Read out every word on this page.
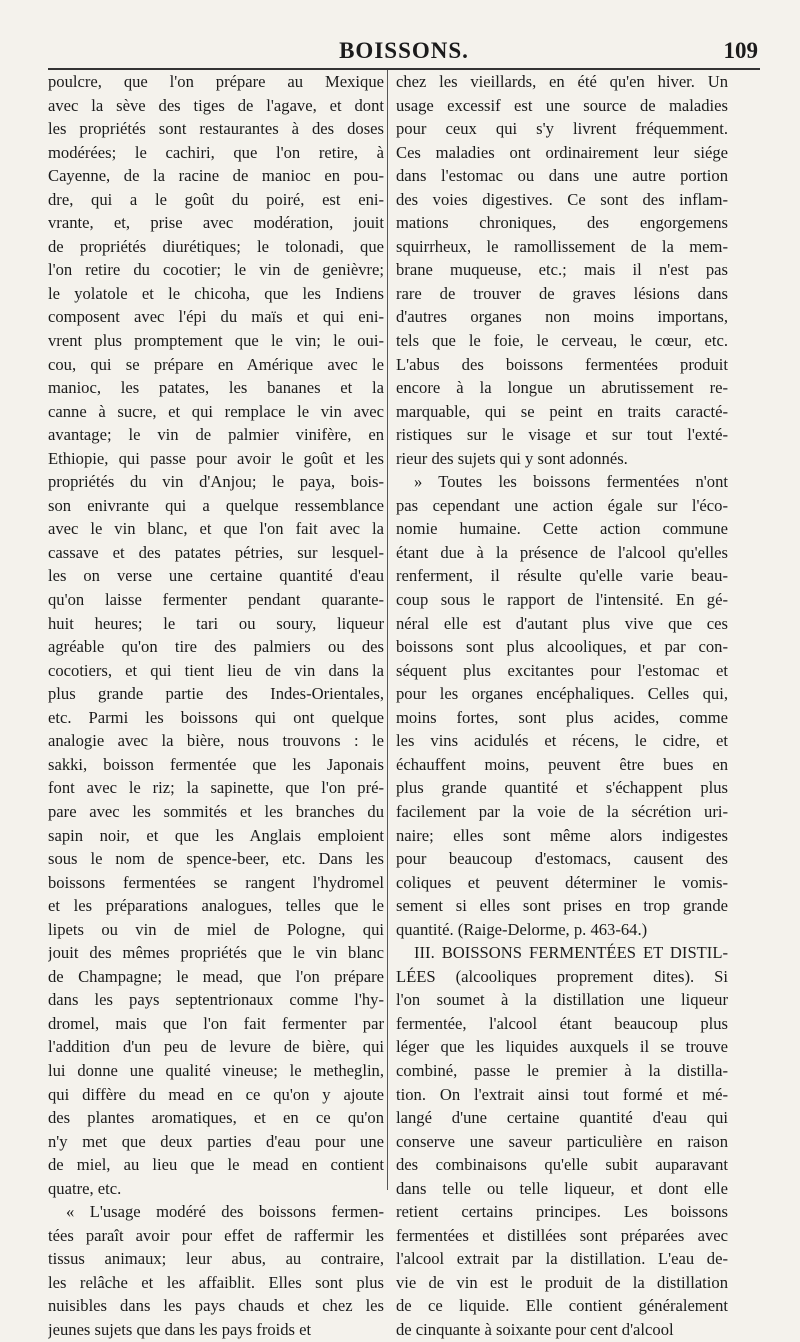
BOISSONS.	109
poulcre, que l'on prépare au Mexique
avec la sève des tiges de l'agave, et dont
les propriétés sont restaurantes à des doses
modérées; le cachiri, que l'on retire, à
Cayenne, de la racine de manioc en pou-
dre, qui a le goût du poiré, est eni-
vrante, et, prise avec modération, jouit
de propriétés diurétiques; le tolonadi, que
l'on retire du cocotier; le vin de genièvre;
le yolatole et le chicoha, que les Indiens
composent avec l'épi du maïs et qui eni-
vrent plus promptement que le vin; le oui-
cou, qui se prépare en Amérique avec le
manioc, les patates, les bananes et la
canne à sucre, et qui remplace le vin avec
avantage; le vin de palmier vinifère, en
Ethiopie, qui passe pour avoir le goût et les
propriétés du vin d'Anjou; le paya, bois-
son enivrante qui a quelque ressemblance
avec le vin blanc, et que l'on fait avec la
cassave et des patates pétries, sur lesquel-
les on verse une certaine quantité d'eau
qu'on laisse fermenter pendant quarante-
huit heures; le tari ou soury, liqueur
agréable qu'on tire des palmiers ou des
cocotiers, et qui tient lieu de vin dans la
plus grande partie des Indes-Orientales,
etc. Parmi les boissons qui ont quelque
analogie avec la bière, nous trouvons : le
sakki, boisson fermentée que les Japonais
font avec le riz; la sapinette, que l'on pré-
pare avec les sommités et les branches du
sapin noir, et que les Anglais emploient
sous le nom de spence-beer, etc. Dans les
boissons fermentées se rangent l'hydromel
et les préparations analogues, telles que le
lipets ou vin de miel de Pologne, qui
jouit des mêmes propriétés que le vin blanc
de Champagne; le mead, que l'on prépare
dans les pays septentrionaux comme l'hy-
dromel, mais que l'on fait fermenter par
l'addition d'un peu de levure de bière, qui
lui donne une qualité vineuse; le metheglin,
qui diffère du mead en ce qu'on y ajoute
des plantes aromatiques, et en ce qu'on
n'y met que deux parties d'eau pour une
de miel, au lieu que le mead en contient
quatre, etc.
« L'usage modéré des boissons fermen-
tées paraît avoir pour effet de raffermir les
tissus animaux; leur abus, au contraire,
les relâche et les affaiblit. Elles sont plus
nuisibles dans les pays chauds et chez les
jeunes sujets que dans les pays froids et
chez les vieillards, en été qu'en hiver. Un
usage excessif est une source de maladies
pour ceux qui s'y livrent fréquemment.
Ces maladies ont ordinairement leur siége
dans l'estomac ou dans une autre portion
des voies digestives. Ce sont des inflam-
mations chroniques, des engorgemens
squirrheux, le ramollissement de la mem-
brane muqueuse, etc.; mais il n'est pas
rare de trouver de graves lésions dans
d'autres organes non moins importans,
tels que le foie, le cerveau, le cœur, etc.
L'abus des boissons fermentées produit
encore à la longue un abrutissement re-
marquable, qui se peint en traits caracté-
ristiques sur le visage et sur tout l'exté-
rieur des sujets qui y sont adonnés.
» Toutes les boissons fermentées n'ont
pas cependant une action égale sur l'éco-
nomie humaine. Cette action commune
étant due à la présence de l'alcool qu'elles
renferment, il résulte qu'elle varie beau-
coup sous le rapport de l'intensité. En gé-
néral elle est d'autant plus vive que ces
boissons sont plus alcooliques, et par con-
séquent plus excitantes pour l'estomac et
pour les organes encéphaliques. Celles qui,
moins fortes, sont plus acides, comme
les vins acidulés et récens, le cidre, et
échauffent moins, peuvent être bues en
plus grande quantité et s'échappent plus
facilement par la voie de la sécrétion uri-
naire; elles sont même alors indigestes
pour beaucoup d'estomacs, causent des
coliques et peuvent déterminer le vomis-
sement si elles sont prises en trop grande
quantité. (Raige-Delorme, p. 463-64.)
III. BOISSONS FERMENTÉES ET DISTIL-
LÉES (alcooliques proprement dites). Si
l'on soumet à la distillation une liqueur
fermentée, l'alcool étant beaucoup plus
léger que les liquides auxquels il se trouve
combiné, passe le premier à la distilla-
tion. On l'extrait ainsi tout formé et mé-
langé d'une certaine quantité d'eau qui
conserve une saveur particulière en raison
des combinaisons qu'elle subit auparavant
dans telle ou telle liqueur, et dont elle
retient certains principes. Les boissons
fermentées et distillées sont préparées avec
l'alcool extrait par la distillation. L'eau de-
vie de vin est le produit de la distillation
de ce liquide. Elle contient généralement
de cinquante à soixante pour cent d'alcool
